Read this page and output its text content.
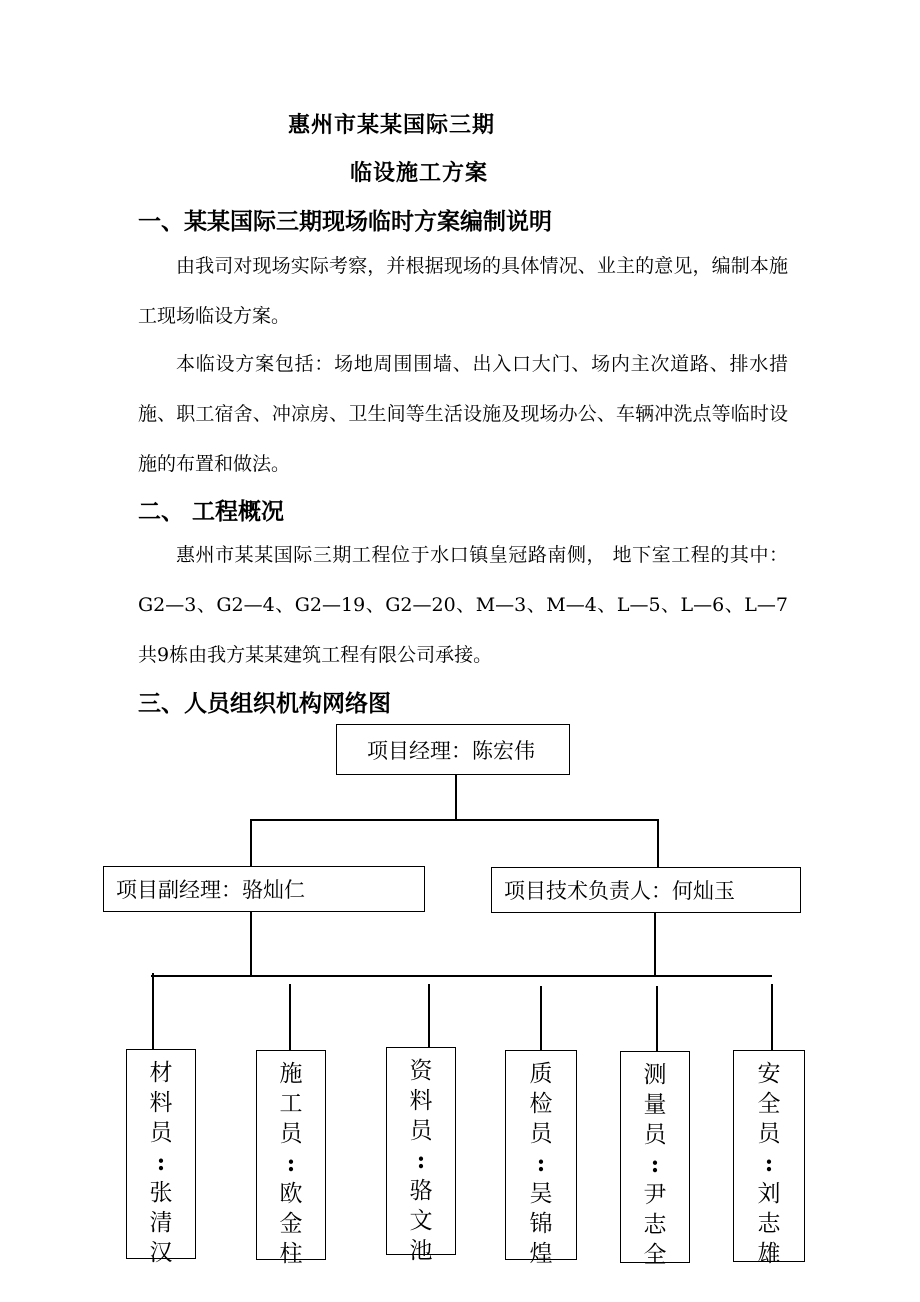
惠州市某某国际三期
临设施工方案
一、某某国际三期现场临时方案编制说明
由我司对现场实际考察，并根据现场的具体情况、业主的意见，编制本施工现场临设方案。
本临设方案包括：场地周围围墙、出入口大门、场内主次道路、排水措施、职工宿舍、冲凉房、卫生间等生活设施及现场办公、车辆冲洗点等临时设施的布置和做法。
二、 工程概况
惠州市某某国际三期工程位于水口镇皇冠路南侧， 地下室工程的其中：G2—3、G2—4、G2—19、G2—20、M—3、M—4、L—5、L—6、L—7共9栋由我方某某建筑工程有限公司承接。
三、人员组织机构网络图
项目经理：陈宏伟
项目副经理：骆灿仁	项目技术负责人：何灿玉
材料员
:
张清汉
施工员
:
欧金柱
资料员
:
骆文池
质检员
:
吴锦煌
测量员
:
尹志全
安全员
:
刘志雄
